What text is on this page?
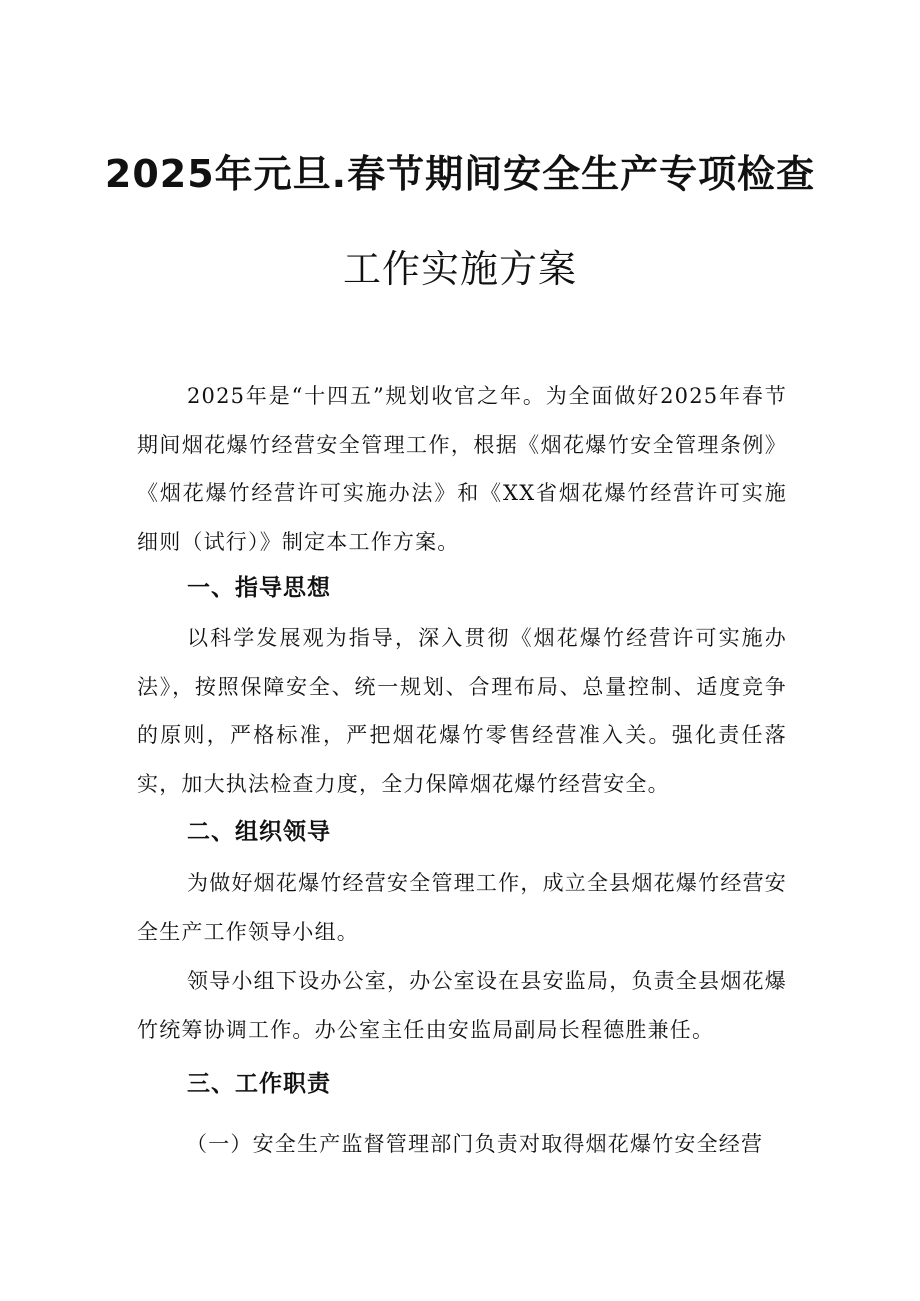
2025年元旦.春节期间安全生产专项检查
工作实施方案

2025年是“十四五”规划收官之年。为全面做好2025年春节期间烟花爆竹经营安全管理工作，根据《烟花爆竹安全管理条例》《烟花爆竹经营许可实施办法》和《XX省烟花爆竹经营许可实施细则（试行）》制定本工作方案。

一、指导思想

以科学发展观为指导，深入贯彻《烟花爆竹经营许可实施办法》，按照保障安全、统一规划、合理布局、总量控制、适度竞争的原则，严格标准，严把烟花爆竹零售经营准入关。强化责任落实，加大执法检查力度，全力保障烟花爆竹经营安全。

二、组织领导

为做好烟花爆竹经营安全管理工作，成立全县烟花爆竹经营安全生产工作领导小组。

领导小组下设办公室，办公室设在县安监局，负责全县烟花爆竹统筹协调工作。办公室主任由安监局副局长程德胜兼任。

三、工作职责

（一）安全生产监督管理部门负责对取得烟花爆竹安全经营
